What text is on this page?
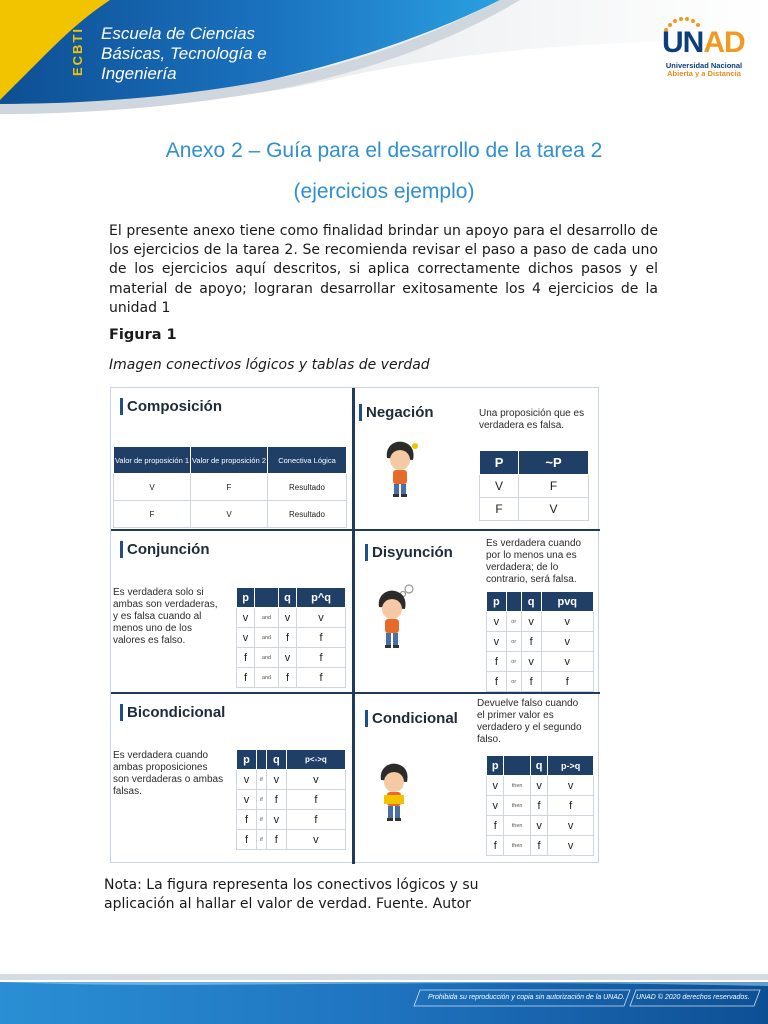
ECBTI Escuela de Ciencias
Básicas, Tecnología e
Ingeniería
UNAD
Universidad Nacional
Abierta y a Distancia
Anexo 2 – Guía para el desarrollo de la tarea 2
(ejercicios ejemplo)
El presente anexo tiene como finalidad brindar un apoyo para el desarrollo de los ejercicios de la tarea 2. Se recomienda revisar el paso a paso de cada uno de los ejercicios aquí descritos, si aplica correctamente dichos pasos y el material de apoyo; lograran desarrollar exitosamente los 4 ejercicios de la unidad 1
Figura 1
Imagen conectivos lógicos y tablas de verdad
Composición
Valor de proposición 1	Valor de proposición 2	Conectiva Lógica
V	F	Resultado
F	V	Resultado
Negación	Una proposición que es
verdadera es falsa.
P	~P
V	F
F	V
Conjunción
Es verdadera solo si
ambas son verdaderas,
y es falsa cuando al
menos uno de los
valores es falso.
p		q	p^q
v	and	v	v
v	and	f	f
f	and	v	f
f	and	f	f
Disyunción
Es verdadera cuando
por lo menos una es
verdadera; de lo
contrario, será falsa.
p		q	pvq
v	or	v	v
v	or	f	v
f	or	v	v
f	or	f	f
Bicondicional
Es verdadera cuando
ambas proposiciones
son verdaderas o ambas
falsas.
p		q	p<->q
v	if	v	v
v	if	f	f
f	if	v	f
f	if	f	v
Condicional
Devuelve falso cuando
el primer valor es
verdadero y el segundo
falso.
p		q	p->q
v	then	v	v
v	then	f	f
f	then	v	v
f	then	f	v
Nota: La figura representa los conectivos lógicos y su
aplicación al hallar el valor de verdad. Fuente. Autor
Prohibida su reproducción y copia sin autorización de la UNAD. UNAD © 2020 derechos reservados.
